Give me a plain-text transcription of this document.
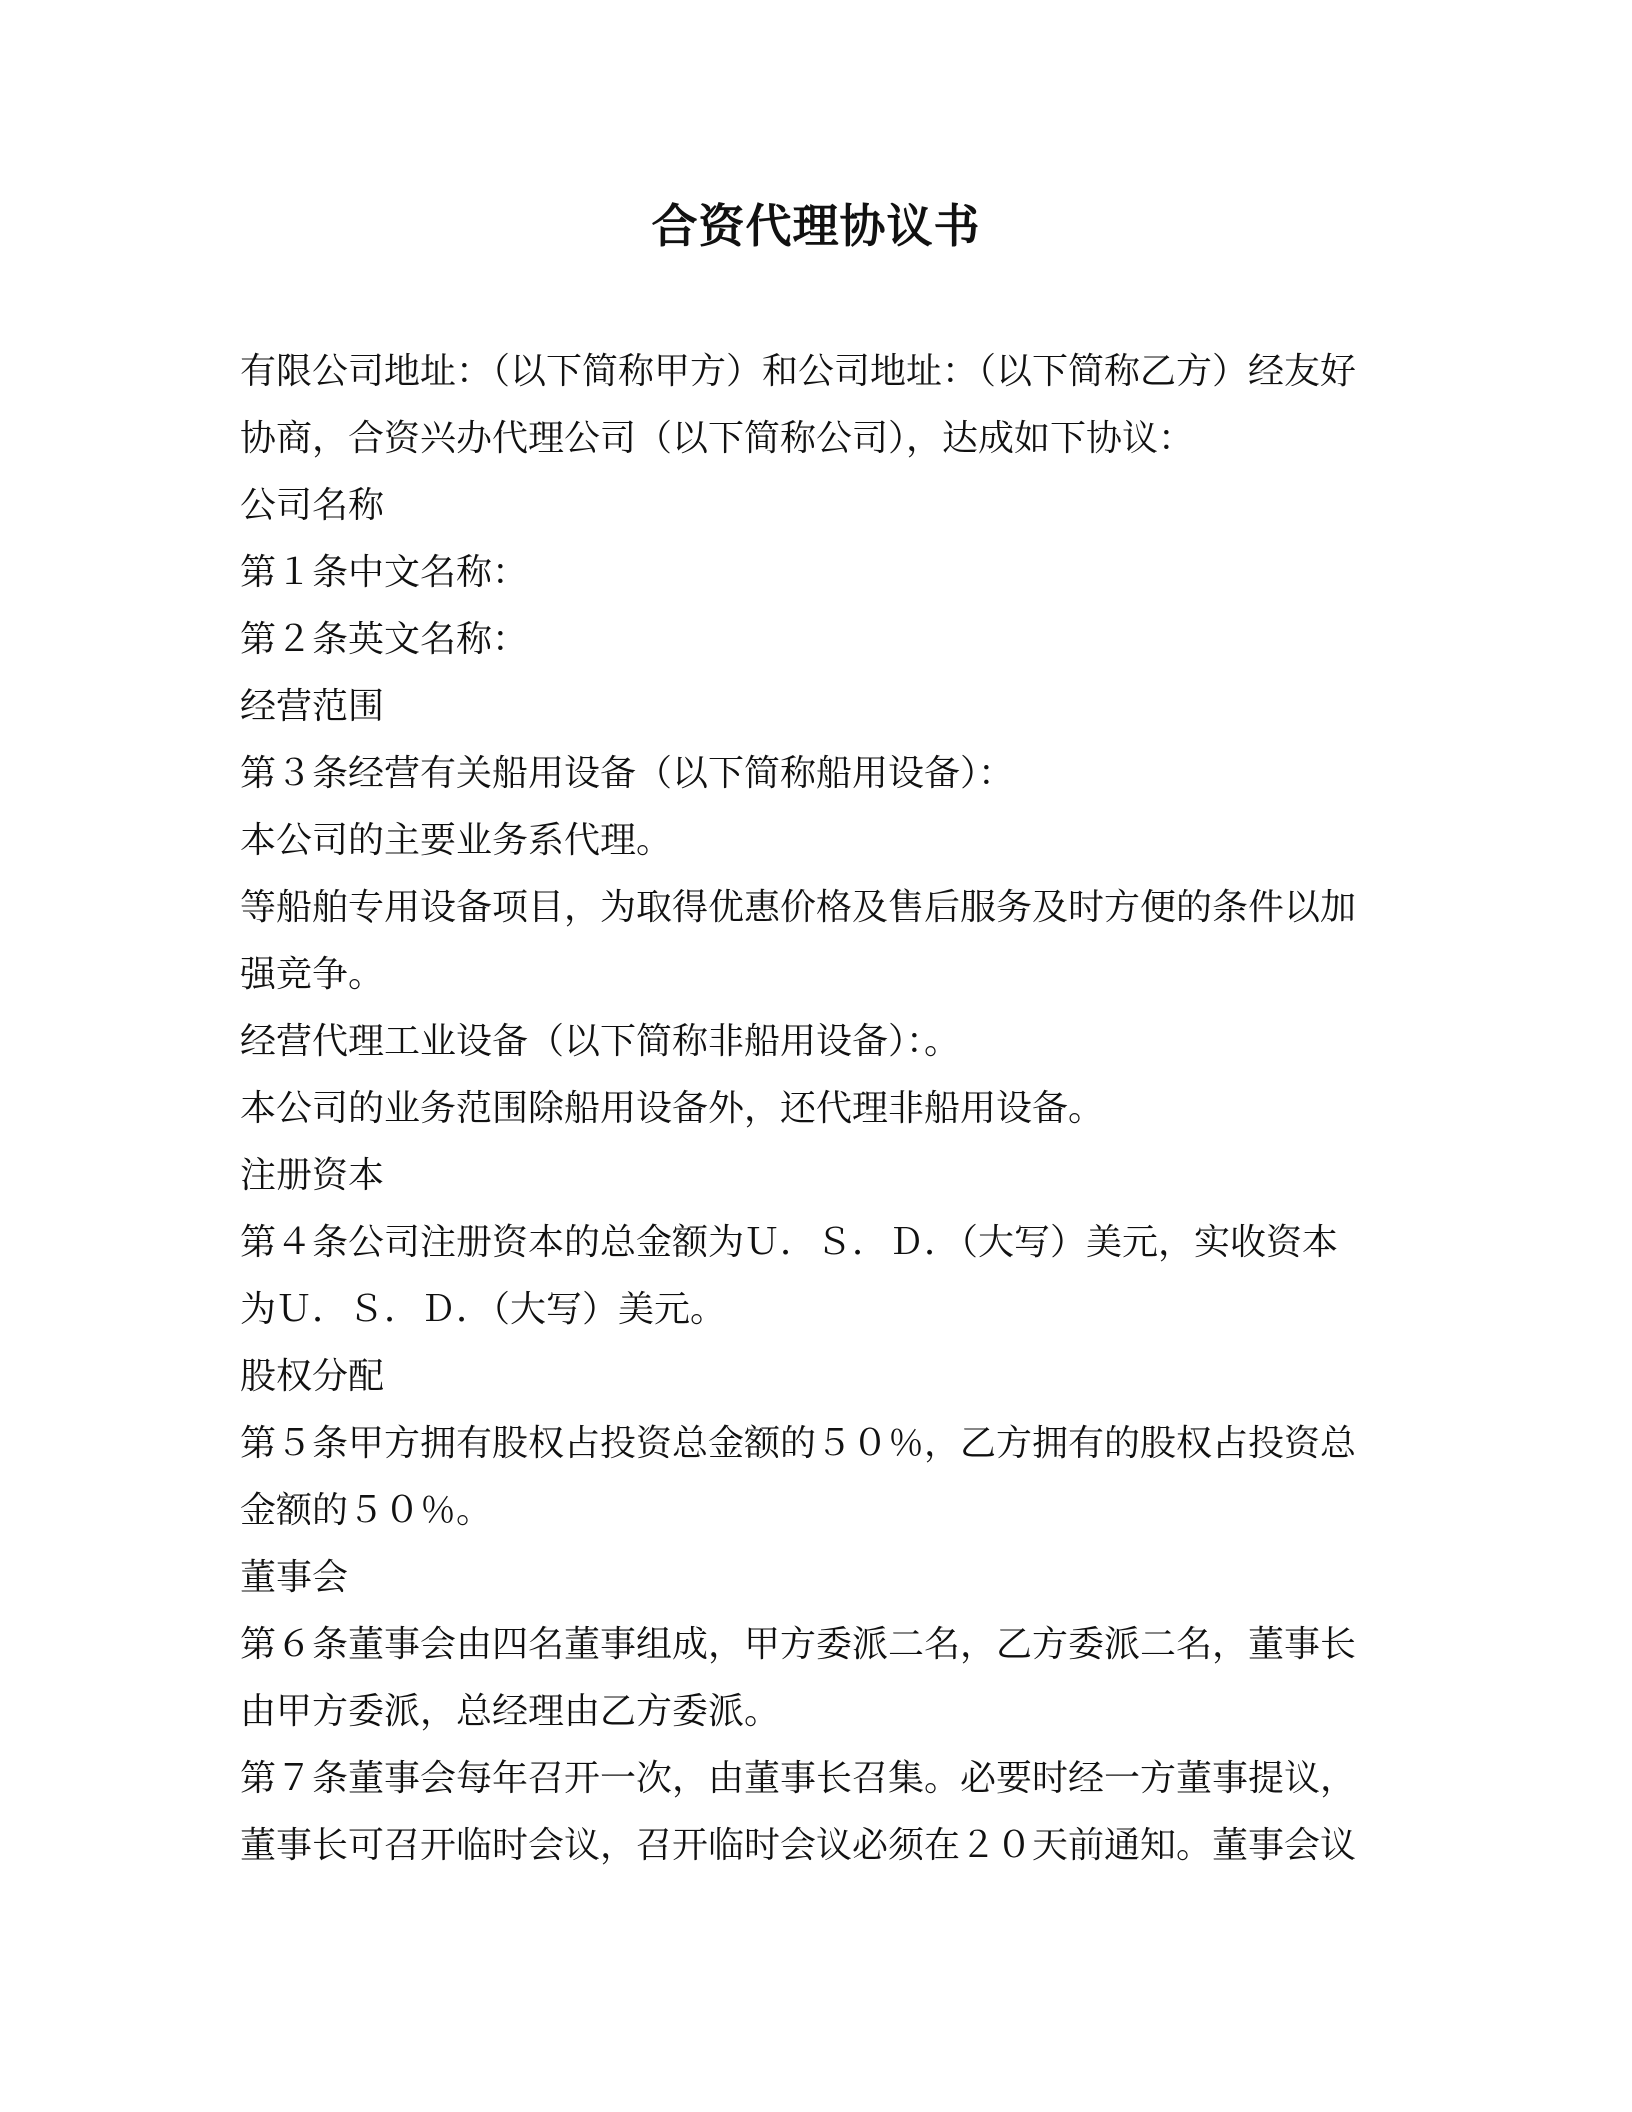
合资代理协议书
有限公司地址：（以下简称甲方）和公司地址：（以下简称乙方）经友好
协商，合资兴办代理公司（以下简称公司），达成如下协议：
公司名称
第１条中文名称：
第２条英文名称：
经营范围
第３条经营有关船用设备（以下简称船用设备）：
本公司的主要业务系代理。
等船舶专用设备项目，为取得优惠价格及售后服务及时方便的条件以加
强竞争。
经营代理工业设备（以下简称非船用设备）：。
本公司的业务范围除船用设备外，还代理非船用设备。
注册资本
第４条公司注册资本的总金额为Ｕ．Ｓ．Ｄ．（大写）美元，实收资本
为Ｕ．Ｓ．Ｄ．（大写）美元。
股权分配
第５条甲方拥有股权占投资总金额的５０％，乙方拥有的股权占投资总
金额的５０％。
董事会
第６条董事会由四名董事组成，甲方委派二名，乙方委派二名，董事长
由甲方委派，总经理由乙方委派。
第７条董事会每年召开一次，由董事长召集。必要时经一方董事提议，
董事长可召开临时会议，召开临时会议必须在２０天前通知。董事会议
